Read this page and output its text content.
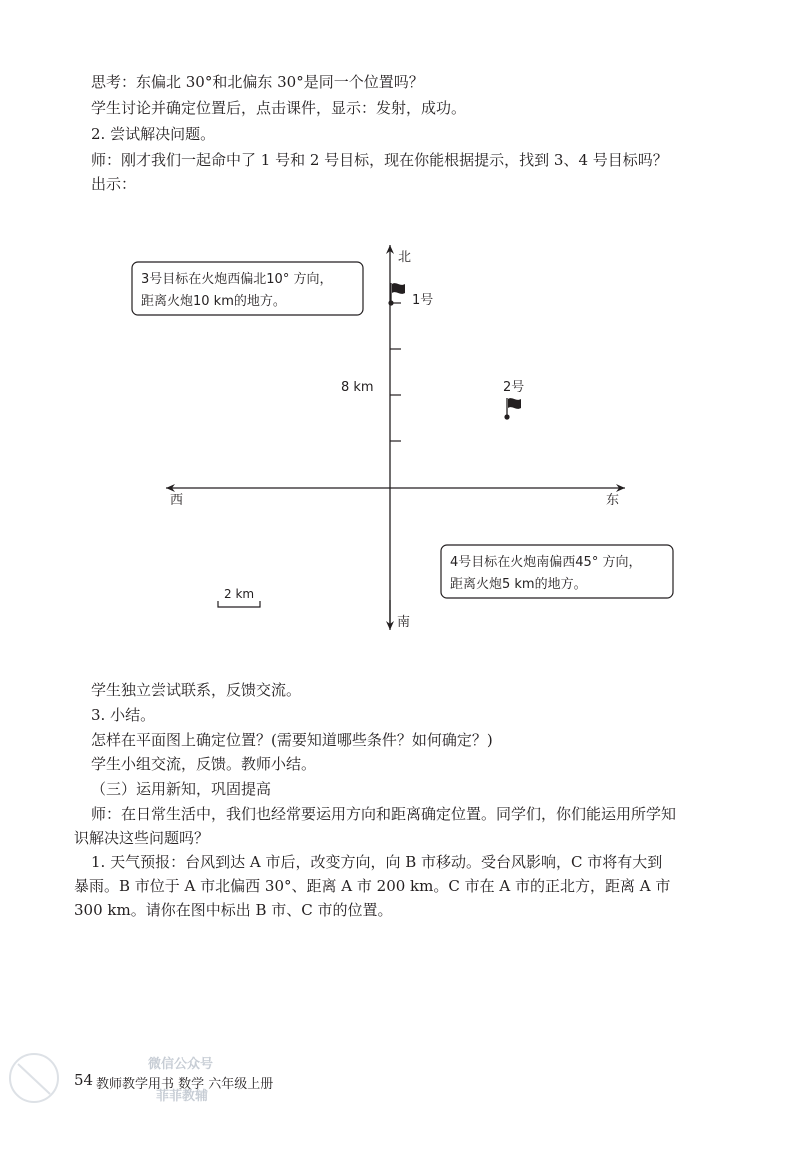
思考：东偏北 30°和北偏东 30°是同一个位置吗？
学生讨论并确定位置后，点击课件，显示：发射，成功。
2. 尝试解决问题。
师：刚才我们一起命中了 1 号和 2 号目标，现在你能根据提示，找到 3、4 号目标吗？
出示：
北
南
西	东
1号
2号
8 km
2 km
3号目标在火炮西偏北10° 方向，
距离火炮10 km的地方。
4号目标在火炮南偏西45° 方向，
距离火炮5 km的地方。
学生独立尝试联系，反馈交流。
3. 小结。
怎样在平面图上确定位置？(需要知道哪些条件？如何确定？)
学生小组交流，反馈。教师小结。
（三）运用新知，巩固提高
师：在日常生活中，我们也经常要运用方向和距离确定位置。同学们，你们能运用所学知
识解决这些问题吗？
1. 天气预报：台风到达 A 市后，改变方向，向 B 市移动。受台风影响，C 市将有大到
暴雨。B 市位于 A 市北偏西 30°、距离 A 市 200 km。C 市在 A 市的正北方，距离 A 市
300 km。请你在图中标出 B 市、C 市的位置。
54 教师教学用书 数学 六年级上册
微信公众号
菲菲教辅
